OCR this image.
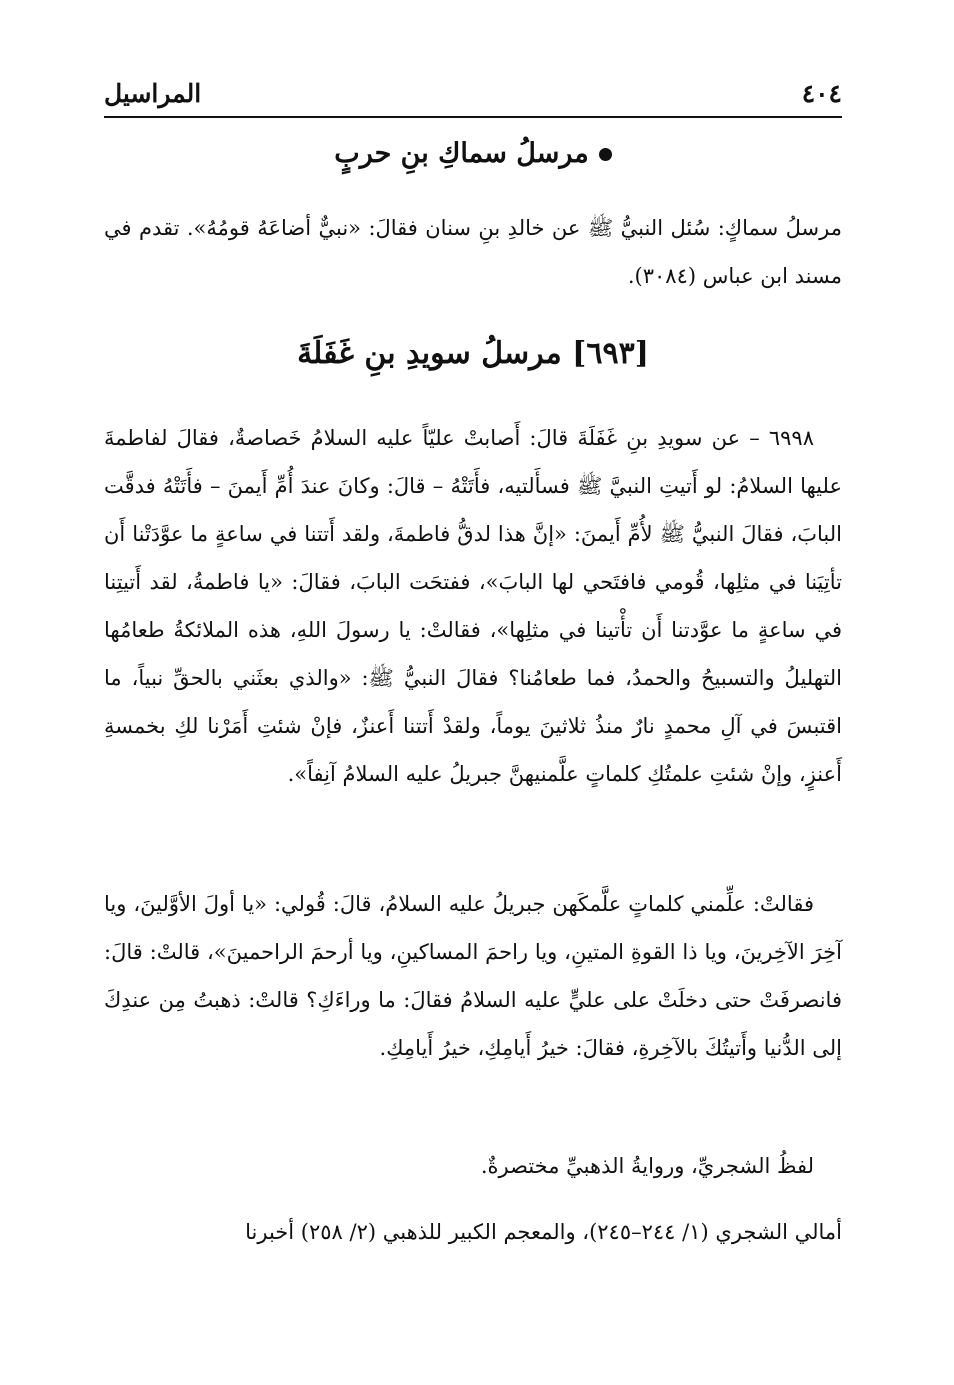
٤٠٤
المراسيل
مرسلُ سماكِ بنِ حربٍ

مرسلُ سماكٍ: سُئل النبيُّ ﷺ عن خالدِ بنِ سنان فقالَ: «نبيٌّ أضاعَهُ قومُهُ». تقدم في مسند ابن عباس (٣٠٨٤).

[٦٩٣] مرسلُ سويدِ بنِ غَفَلَةَ

٦٩٩٨ – عن سويدِ بنِ غَفَلَةَ قالَ: أَصابتْ عليّاً عليه السلامُ خَصاصةٌ، فقالَ لفاطمةَ عليها السلامُ: لو أَتيتِ النبيَّ ﷺ فسأَلتيه، فأَتَتْهُ – قالَ: وكانَ عندَ أُمِّ أَيمنَ – فأَتَتْهُ فدقَّت البابَ، فقالَ النبيُّ ﷺ لأُمِّ أَيمنَ: «إنَّ هذا لدقُّ فاطمةَ، ولقد أَتتنا في ساعةٍ ما عوَّدَتْنا أَن تأتِيَنا في مثلِها، قُومي فافتَحي لها البابَ»، ففتحَت البابَ، فقالَ: «يا فاطمةُ، لقد أَتيتِنا في ساعةٍ ما عوَّدتنا أَن تأْتينا في مثلِها»، فقالتْ: يا رسولَ اللهِ، هذه الملائكةُ طعامُها التهليلُ والتسبيحُ والحمدُ، فما طعامُنا؟ فقالَ النبيُّ ﷺ: «والذي بعثَني بالحقِّ نبياً، ما اقتبسَ في آلِ محمدٍ نارٌ منذُ ثلاثينَ يوماً، ولقدْ أَتتنا أَعنزٌ، فإنْ شئتِ أَمَرْنا لكِ بخمسةِ أَعنزٍ، وإنْ شئتِ علمتُكِ كلماتٍ علَّمنيهنَّ جبريلُ عليه السلامُ آنِفاً».

فقالتْ: علِّمني كلماتٍ علَّمكَهن جبريلُ عليه السلامُ، قالَ: قُولي: «يا أولَ الأوَّلينَ، ويا آخِرَ الآخِرينَ، ويا ذا القوةِ المتينِ، ويا راحمَ المساكينِ، ويا أرحمَ الراحمينَ»، قالتْ: قالَ: فانصرفَتْ حتى دخلَتْ على عليٍّ عليه السلامُ فقالَ: ما وراءَكِ؟ قالتْ: ذهبتُ مِن عندِكَ إلى الدُّنيا وأَتيتُكَ بالآخِرةِ، فقالَ: خيرُ أَيامِكِ، خيرُ أَيامِكِ.

لفظُ الشجريِّ، وروايةُ الذهبيِّ مختصرةٌ.

أمالي الشجري (١/ ٢٤٤–٢٤٥)، والمعجم الكبير للذهبي (٢/ ٢٥٨) أخبرنا
